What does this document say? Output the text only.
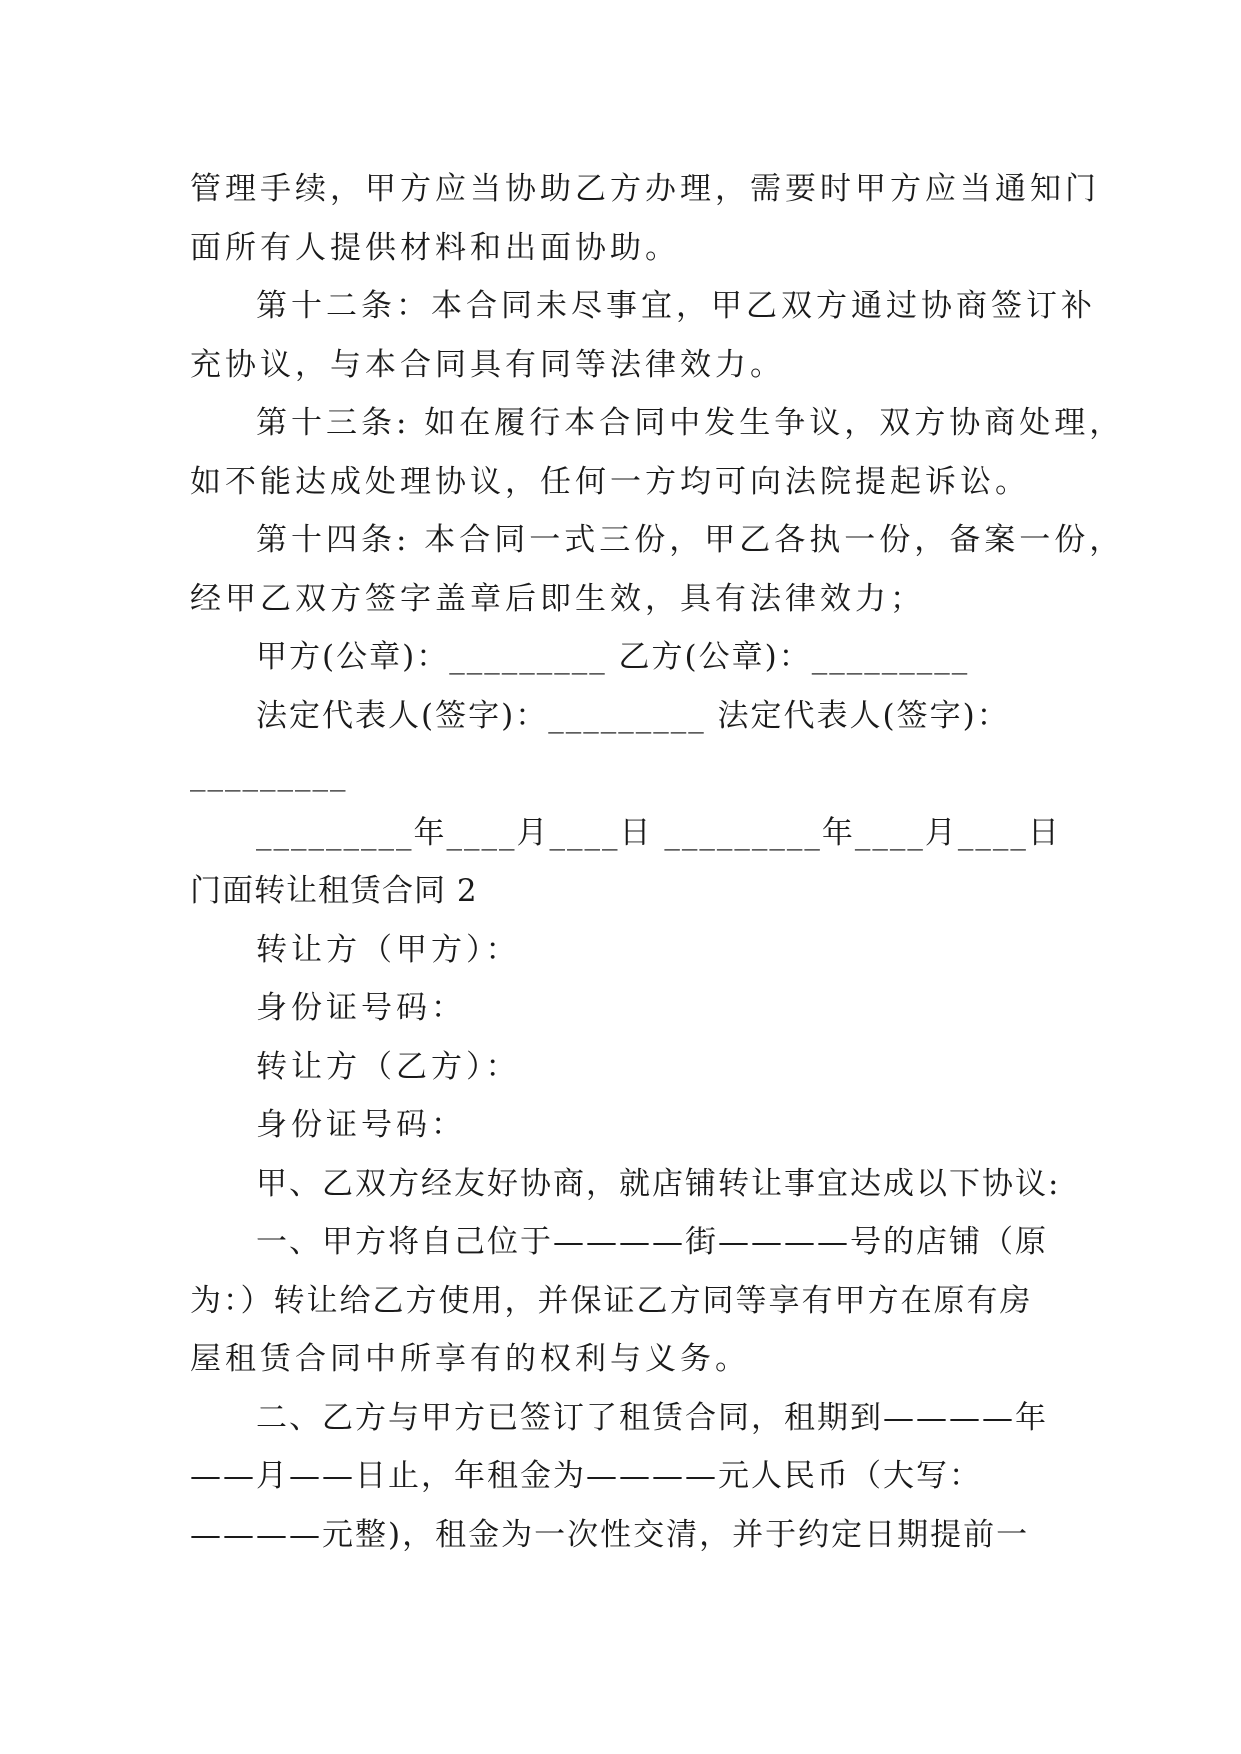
管理手续，甲方应当协助乙方办理，需要时甲方应当通知门
面所有人提供材料和出面协助。
第十二条：本合同未尽事宜，甲乙双方通过协商签订补
充协议，与本合同具有同等法律效力。
第十三条: 如在履行本合同中发生争议，双方协商处理，
如不能达成处理协议，任何一方均可向法院提起诉讼。
第十四条: 本合同一式三份，甲乙各执一份，备案一份，
经甲乙双方签字盖章后即生效，具有法律效力；
甲方(公章)：_________ 乙方(公章)：_________
法定代表人(签字)：_________ 法定代表人(签字)：
_________
_________年____月____日 _________年____月____日
门面转让租赁合同 2
转让方（甲方）：
身份证号码：
转让方（乙方）：
身份证号码：
甲、乙双方经友好协商，就店铺转让事宜达成以下协议:
一、甲方将自己位于————街————号的店铺（原
为：）转让给乙方使用，并保证乙方同等享有甲方在原有房
屋租赁合同中所享有的权利与义务。
二、乙方与甲方已签订了租赁合同，租期到————年
——月——日止，年租金为————元人民币（大写：
————元整)，租金为一次性交清，并于约定日期提前一
